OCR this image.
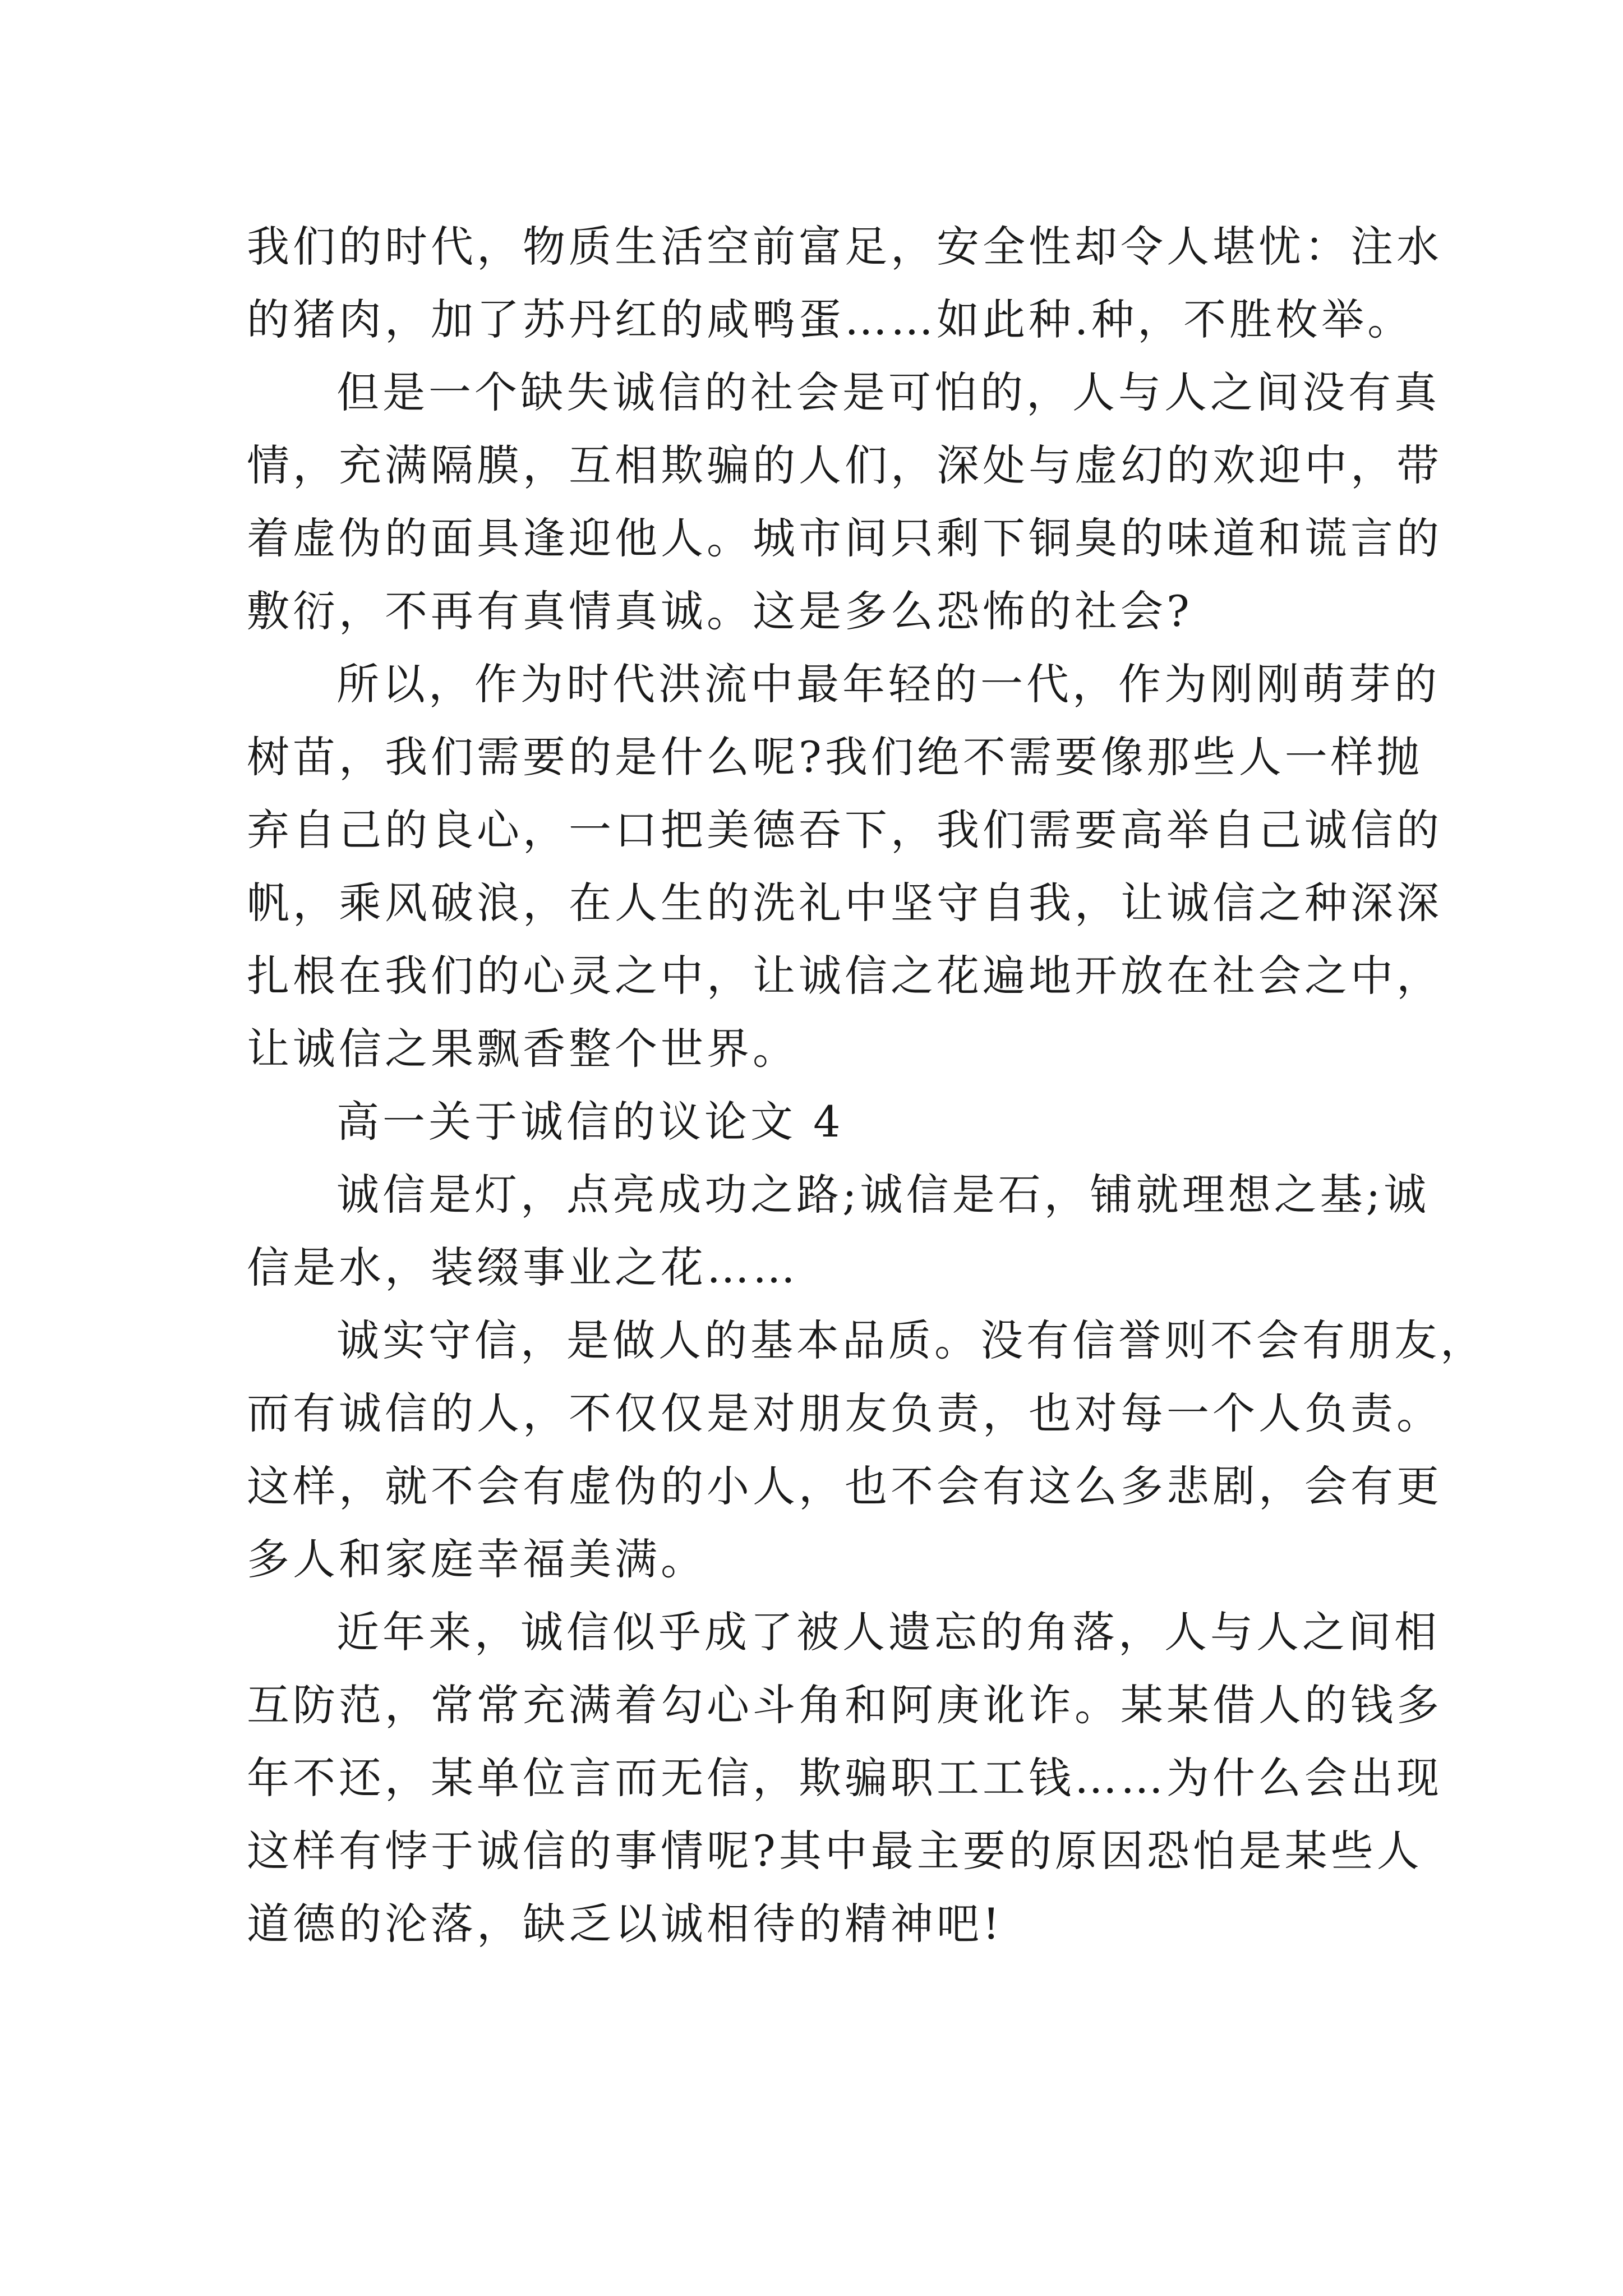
我们的时代，物质生活空前富足，安全性却令人堪忧：注水
的猪肉，加了苏丹红的咸鸭蛋……如此种.种，不胜枚举。
但是一个缺失诚信的社会是可怕的，人与人之间没有真
情，充满隔膜，互相欺骗的人们，深处与虚幻的欢迎中，带
着虚伪的面具逢迎他人。城市间只剩下铜臭的味道和谎言的
敷衍，不再有真情真诚。这是多么恐怖的社会?
所以，作为时代洪流中最年轻的一代，作为刚刚萌芽的
树苗，我们需要的是什么呢?我们绝不需要像那些人一样抛
弃自己的良心，一口把美德吞下，我们需要高举自己诚信的
帆，乘风破浪，在人生的洗礼中坚守自我，让诚信之种深深
扎根在我们的心灵之中，让诚信之花遍地开放在社会之中，
让诚信之果飘香整个世界。
高一关于诚信的议论文 4
诚信是灯，点亮成功之路;诚信是石，铺就理想之基;诚
信是水，装缀事业之花……
诚实守信，是做人的基本品质。没有信誉则不会有朋友，
而有诚信的人，不仅仅是对朋友负责，也对每一个人负责。
这样，就不会有虚伪的小人，也不会有这么多悲剧，会有更
多人和家庭幸福美满。
近年来，诚信似乎成了被人遗忘的角落，人与人之间相
互防范，常常充满着勾心斗角和阿庚讹诈。某某借人的钱多
年不还，某单位言而无信，欺骗职工工钱……为什么会出现
这样有悖于诚信的事情呢?其中最主要的原因恐怕是某些人
道德的沦落，缺乏以诚相待的精神吧!
